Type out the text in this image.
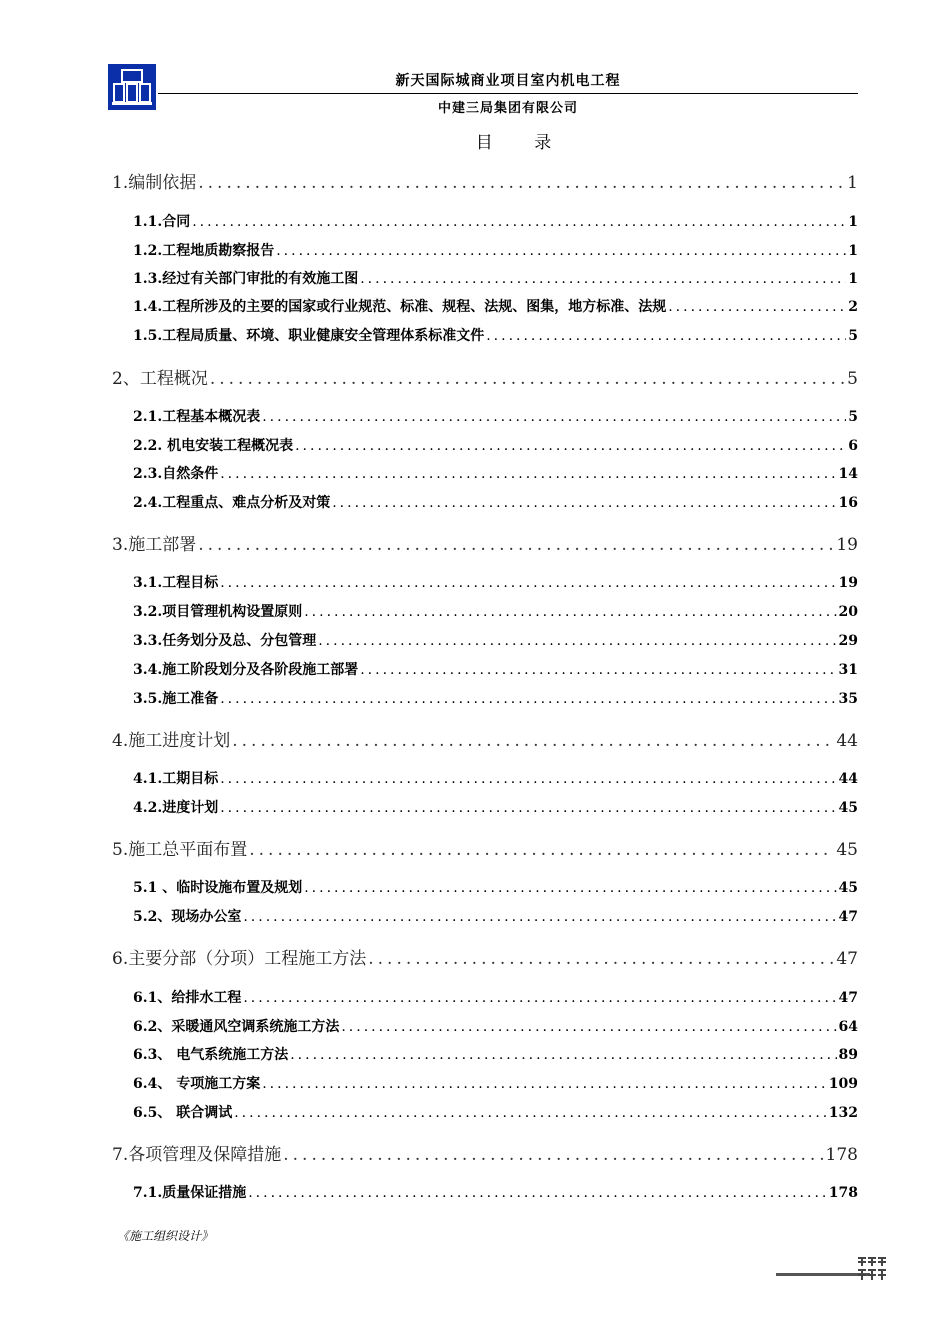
新天国际城商业项目室内机电工程
中建三局集团有限公司
目 录
1.编制依据 .....	1
1.1.合同 .....	1
1.2.工程地质勘察报告 .....	1
1.3.经过有关部门审批的有效施工图 .....	1
1.4.工程所涉及的主要的国家或行业规范、标准、规程、法规、图集，地方标准、法规 .....	2
1.5.工程局质量、环境、职业健康安全管理体系标准文件 .....	5
2、工程概况 .....	5
2.1.工程基本概况表 .....	5
2.2. 机电安装工程概况表 .....	6
2.3.自然条件 .....	14
2.4.工程重点、难点分析及对策 .....	16
3.施工部署 .....	19
3.1.工程目标 .....	19
3.2.项目管理机构设置原则 .....	20
3.3.任务划分及总、分包管理 .....	29
3.4.施工阶段划分及各阶段施工部署 .....	31
3.5.施工准备 .....	35
4.施工进度计划 .....	44
4.1.工期目标 .....	44
4.2.进度计划 .....	45
5.施工总平面布置 .....	45
5.1 、临时设施布置及规划 .....	45
5.2、现场办公室 .....	47
6.主要分部（分项）工程施工方法 .....	47
6.1、给排水工程 .....	47
6.2、采暖通风空调系统施工方法 .....	64
6.3、 电气系统施工方法 .....	89
6.4、 专项施工方案 .....	109
6.5、 联合调试 .....	132
7.各项管理及保障措施 .....	178
7.1.质量保证措施 .....	178
《施工组织设计》
